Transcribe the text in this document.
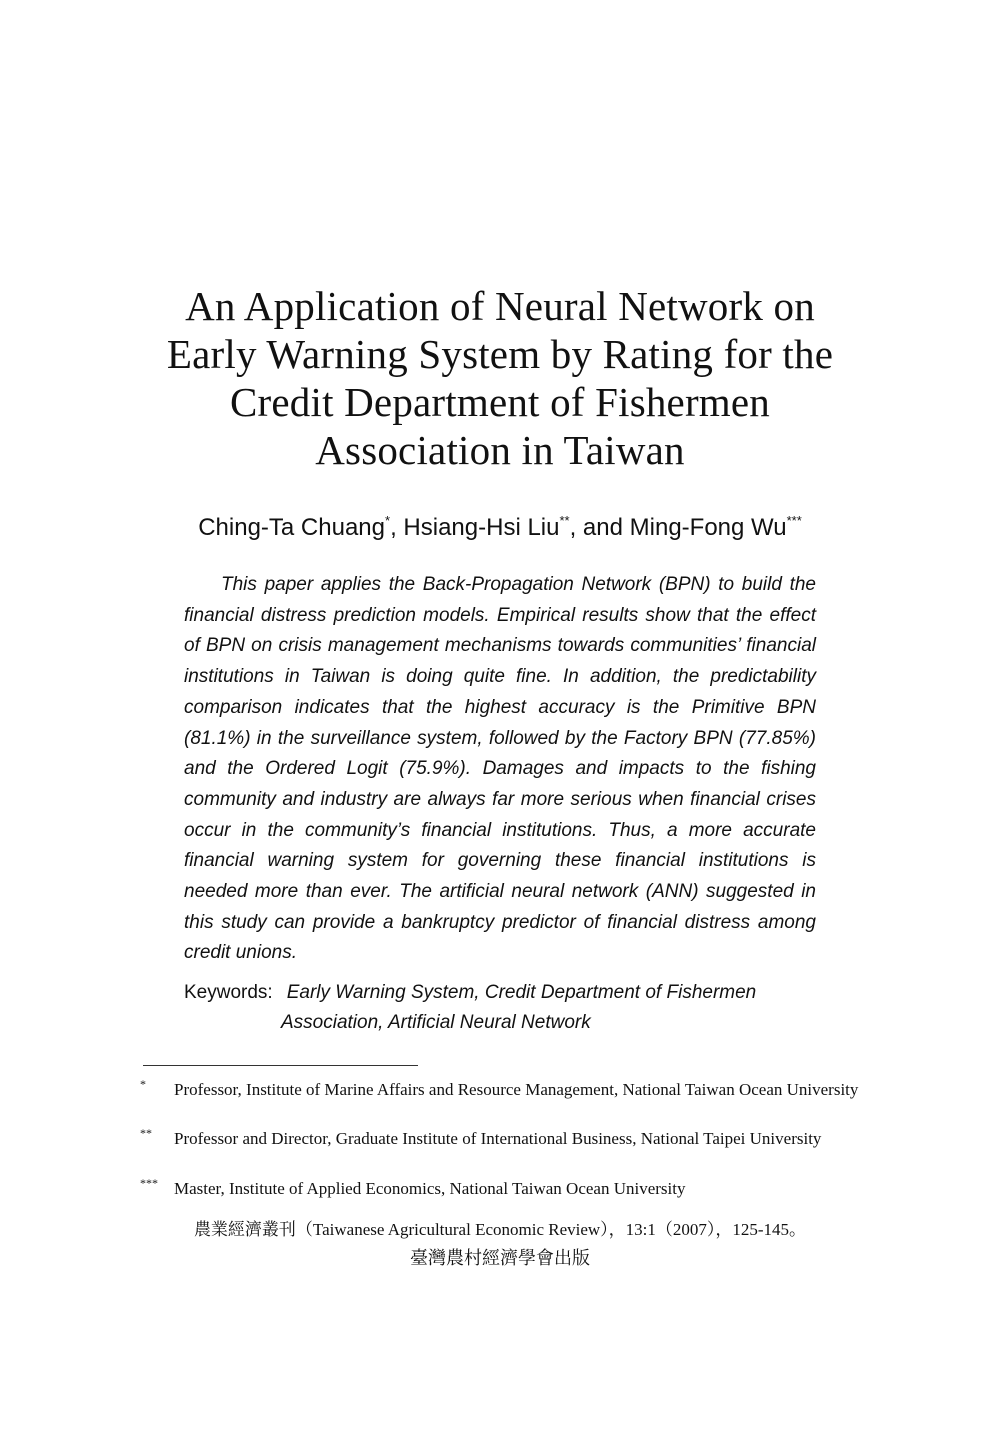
An Application of Neural Network on
Early Warning System by Rating for the
Credit Department of Fishermen
Association in Taiwan
Ching-Ta Chuang*, Hsiang-Hsi Liu**, and Ming-Fong Wu***

This paper applies the Back-Propagation Network (BPN) to build the financial distress prediction models. Empirical results show that the effect of BPN on crisis management mechanisms towards communities’ financial institutions in Taiwan is doing quite fine. In addition, the predictability comparison indicates that the highest accuracy is the Primitive BPN (81.1%) in the surveillance system, followed by the Factory BPN (77.85%) and the Ordered Logit (75.9%). Damages and impacts to the fishing community and industry are always far more serious when financial crises occur in the community’s financial institutions. Thus, a more accurate financial warning system for governing these financial institutions is needed more than ever. The artificial neural network (ANN) suggested in this study can provide a bankruptcy predictor of financial distress among credit unions.

Keywords: Early Warning System, Credit Department of Fishermen
Association, Artificial Neural Network
* Professor, Institute of Marine Affairs and Resource Management, National Taiwan Ocean University
** Professor and Director, Graduate Institute of International Business, National Taipei University
*** Master, Institute of Applied Economics, National Taiwan Ocean University
農業經濟叢刊（Taiwanese Agricultural Economic Review），13:1（2007），125-145。
臺灣農村經濟學會出版
